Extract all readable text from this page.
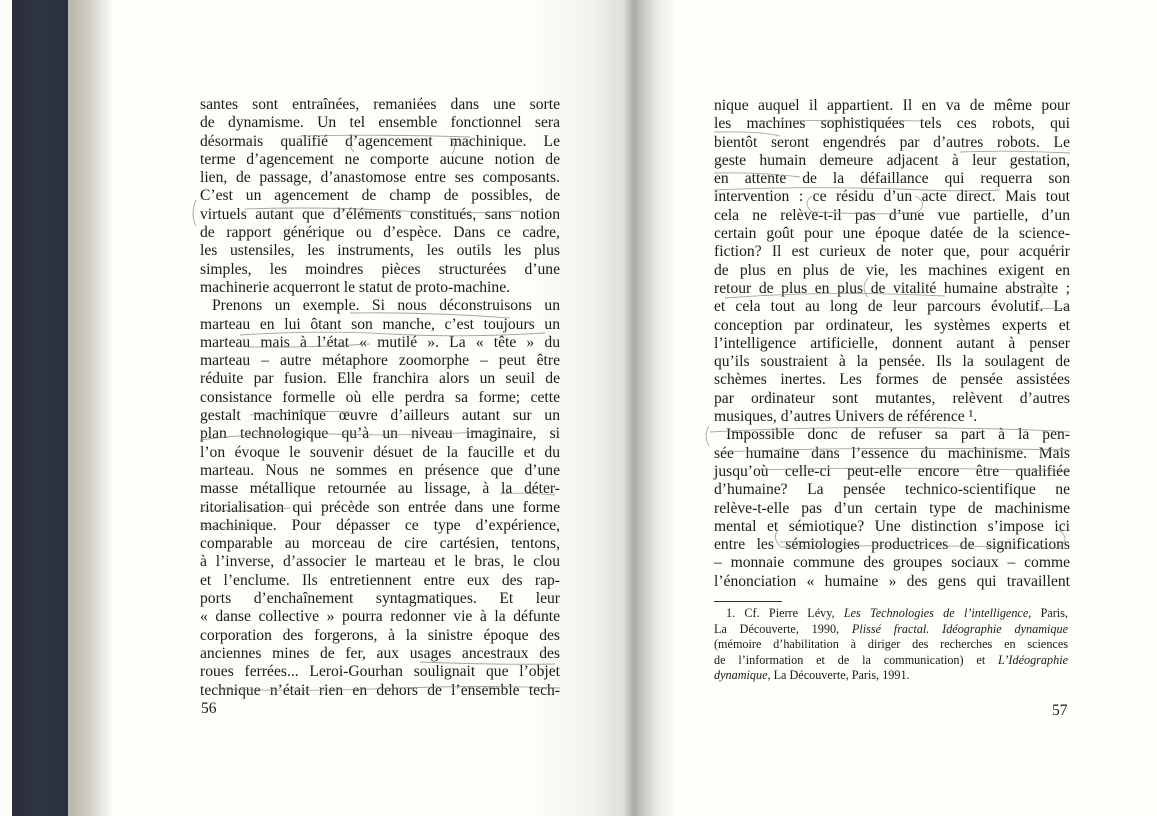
santes sont entraînées, remaniées dans une sorte
de dynamisme. Un tel ensemble fonctionnel sera
désormais qualifié d’agencement machinique. Le
terme d’agencement ne comporte aucune notion de
lien, de passage, d’anastomose entre ses composants.
C’est un agencement de champ de possibles, de
virtuels autant que d’éléments constitués, sans notion
de rapport générique ou d’espèce. Dans ce cadre,
les ustensiles, les instruments, les outils les plus
simples, les moindres pièces structurées d’une
machinerie acquerront le statut de proto-machine.
Prenons un exemple. Si nous déconstruisons un
marteau en lui ôtant son manche, c’est toujours un
marteau mais à l’état « mutilé ». La « tête » du
marteau – autre métaphore zoomorphe – peut être
réduite par fusion. Elle franchira alors un seuil de
consistance formelle où elle perdra sa forme; cette
gestalt machinique œuvre d’ailleurs autant sur un
plan technologique qu’à un niveau imaginaire, si
l’on évoque le souvenir désuet de la faucille et du
marteau. Nous ne sommes en présence que d’une
masse métallique retournée au lissage, à la déter-
ritorialisation qui précède son entrée dans une forme
machinique. Pour dépasser ce type d’expérience,
comparable au morceau de cire cartésien, tentons,
à l’inverse, d’associer le marteau et le bras, le clou
et l’enclume. Ils entretiennent entre eux des rap-
ports d’enchaînement syntagmatiques. Et leur
« danse collective » pourra redonner vie à la défunte
corporation des forgerons, à la sinistre époque des
anciennes mines de fer, aux usages ancestraux des
roues ferrées... Leroi-Gourhan soulignait que l’objet
technique n’était rien en dehors de l’ensemble tech-
56
nique auquel il appartient. Il en va de même pour
les machines sophistiquées tels ces robots, qui
bientôt seront engendrés par d’autres robots. Le
geste humain demeure adjacent à leur gestation,
en attente de la défaillance qui requerra son
intervention : ce résidu d’un acte direct. Mais tout
cela ne relève-t-il pas d’une vue partielle, d’un
certain goût pour une époque datée de la science-
fiction? Il est curieux de noter que, pour acquérir
de plus en plus de vie, les machines exigent en
retour de plus en plus de vitalité humaine abstraite ;
et cela tout au long de leur parcours évolutif. La
conception par ordinateur, les systèmes experts et
l’intelligence artificielle, donnent autant à penser
qu’ils soustraient à la pensée. Ils la soulagent de
schèmes inertes. Les formes de pensée assistées
par ordinateur sont mutantes, relèvent d’autres
musiques, d’autres Univers de référence ¹.
Impossible donc de refuser sa part à la pen-
sée humaine dans l’essence du machinisme. Mais
jusqu’où celle-ci peut-elle encore être qualifiée
d’humaine? La pensée technico-scientifique ne
relève-t-elle pas d’un certain type de machinisme
mental et sémiotique? Une distinction s’impose ici
entre les sémiologies productrices de significations
– monnaie commune des groupes sociaux – comme
l’énonciation « humaine » des gens qui travaillent
1. Cf. Pierre Lévy, Les Technologies de l’intelligence, Paris,
La Découverte, 1990, Plissé fractal. Idéographie dynamique
(mémoire d’habilitation à diriger des recherches en sciences
de l’information et de la communication) et L’Idéographie
dynamique, La Découverte, Paris, 1991.
57
